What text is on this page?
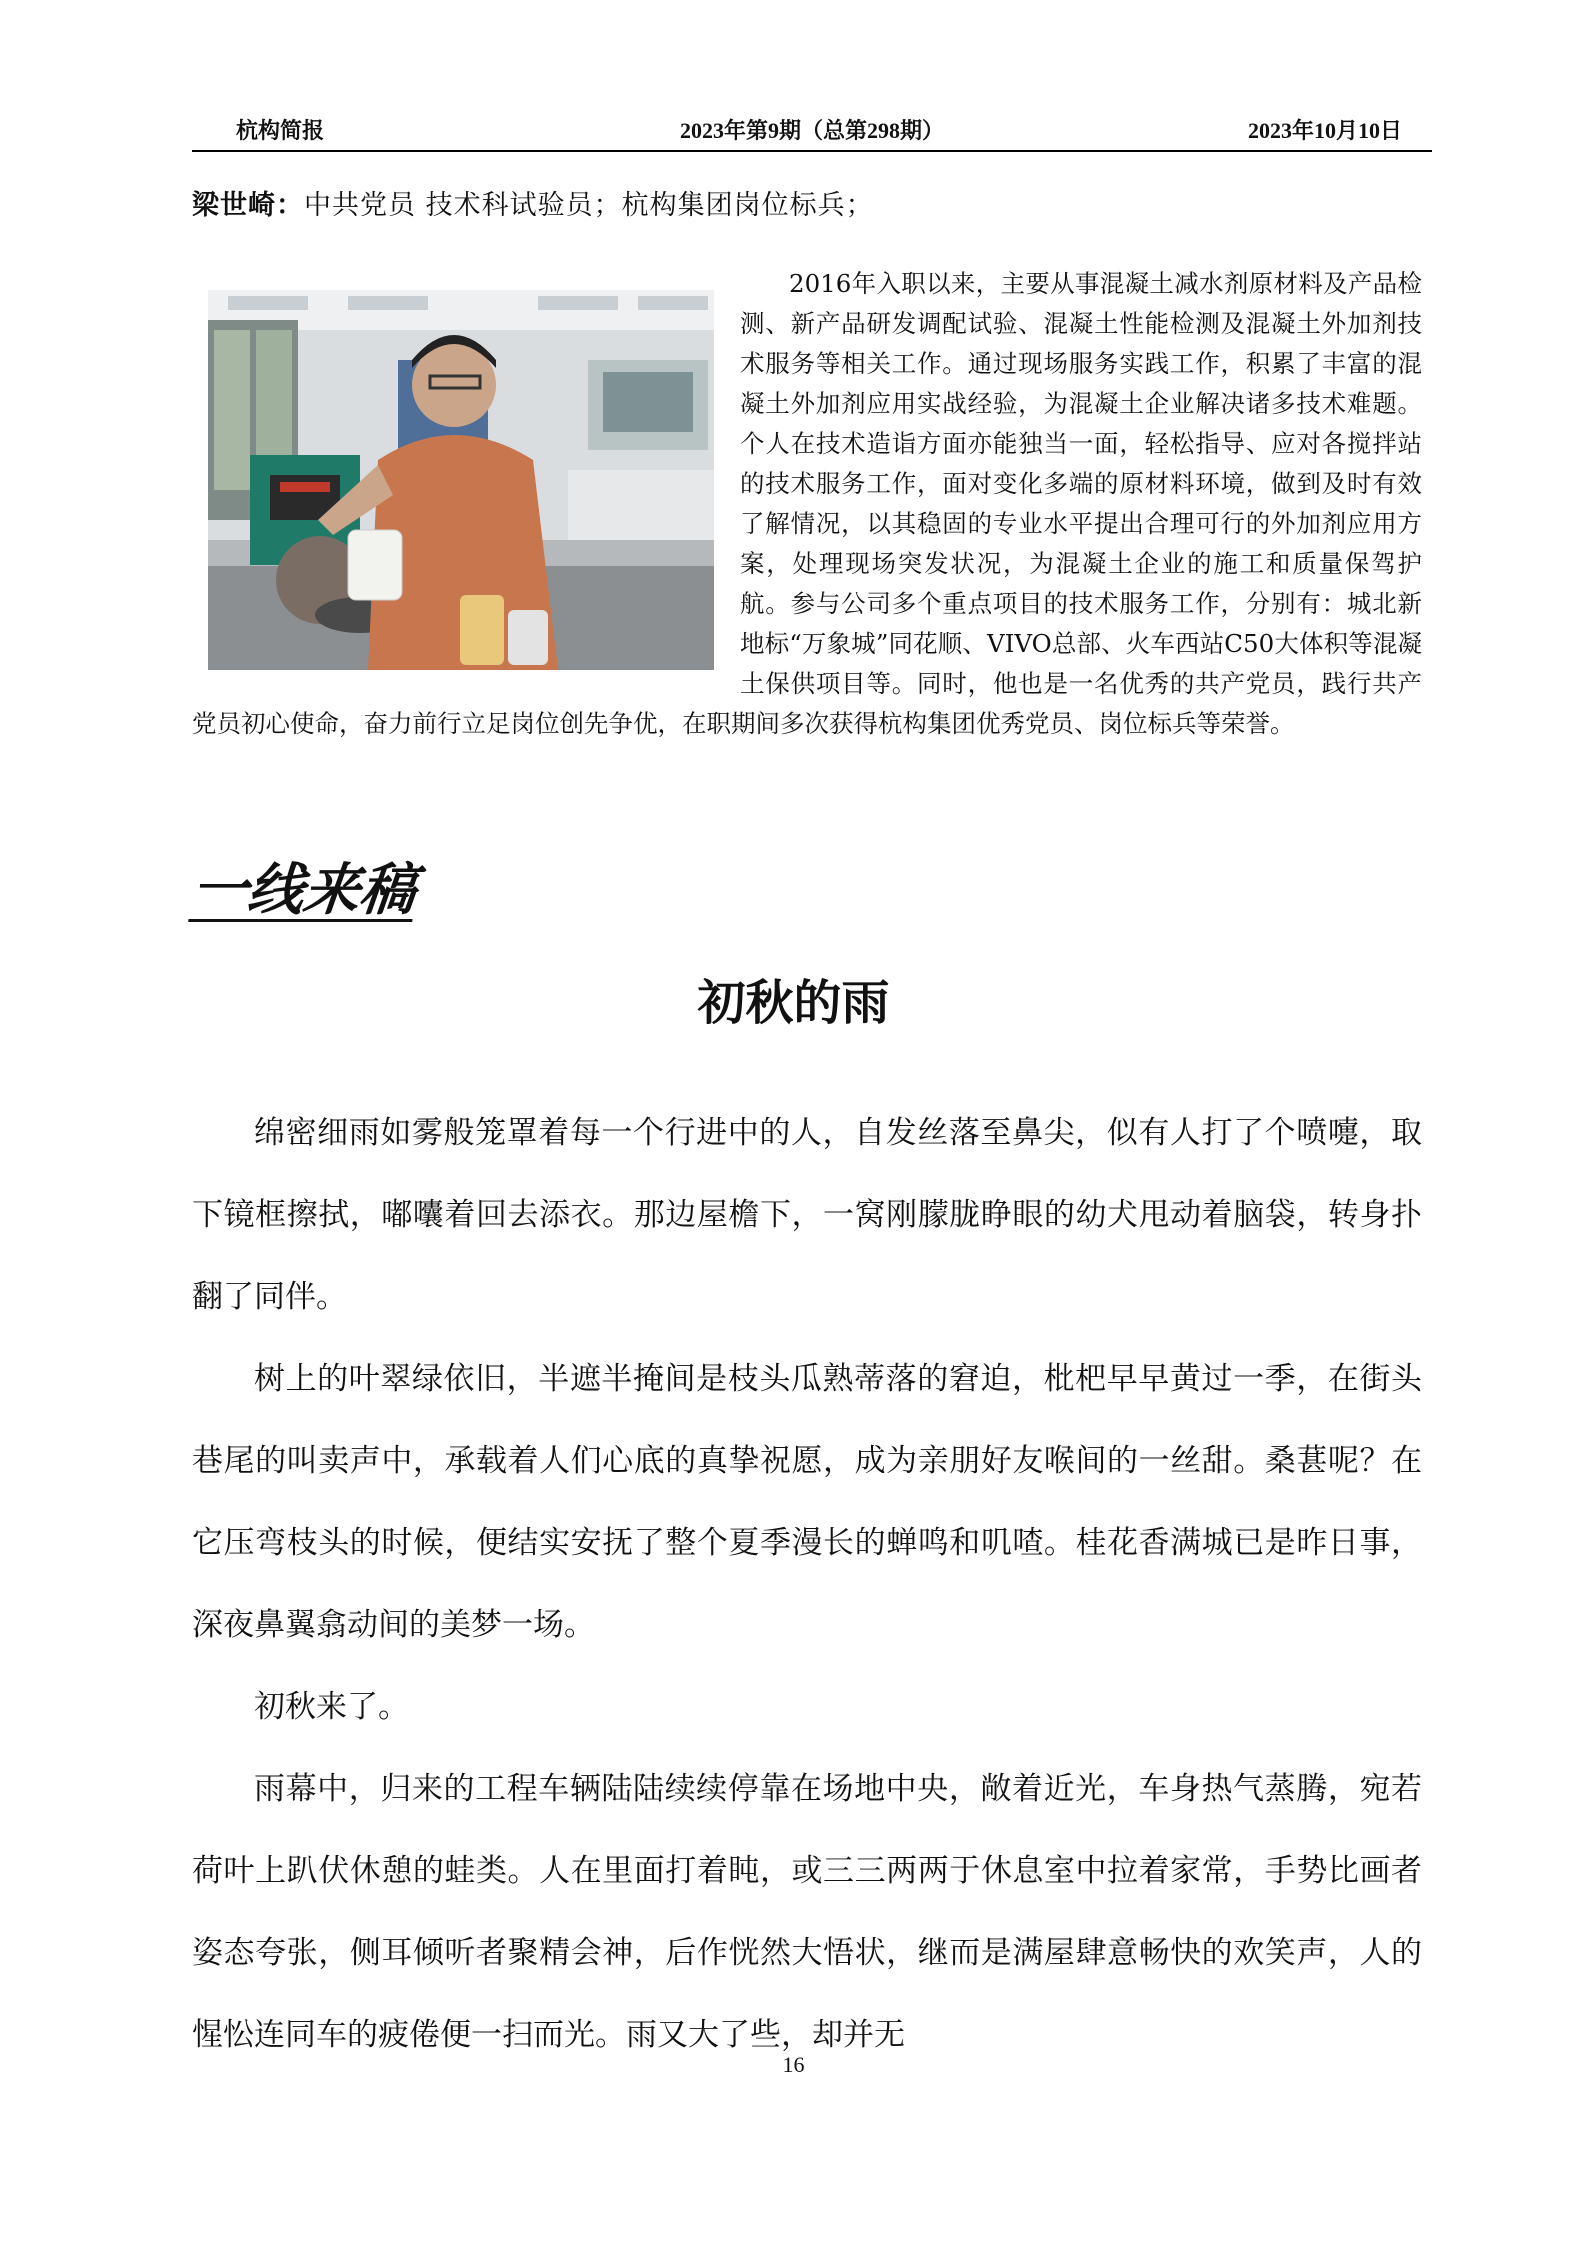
杭构简报	2023年第9期（总第298期）	2023年10月10日
梁世崎：中共党员 技术科试验员；杭构集团岗位标兵；

2016年入职以来，主要从事混凝土减水剂原材料及产品检测、新产品研发调配试验、混凝土性能检测及混凝土外加剂技术服务等相关工作。通过现场服务实践工作，积累了丰富的混凝土外加剂应用实战经验，为混凝土企业解决诸多技术难题。个人在技术造诣方面亦能独当一面，轻松指导、应对各搅拌站的技术服务工作，面对变化多端的原材料环境，做到及时有效了解情况，以其稳固的专业水平提出合理可行的外加剂应用方案，处理现场突发状况，为混凝土企业的施工和质量保驾护航。参与公司多个重点项目的技术服务工作，分别有：城北新地标“万象城”同花顺、VIVO总部、火车西站C50大体积等混凝土保供项目等。同时，他也是一名优秀的共产党员，践行共产党员初心使命，奋力前行立足岗位创先争优，在职期间多次获得杭构集团优秀党员、岗位标兵等荣誉。

一线来稿
初秋的雨

绵密细雨如雾般笼罩着每一个行进中的人，自发丝落至鼻尖，似有人打了个喷嚏，取下镜框擦拭，嘟囔着回去添衣。那边屋檐下，一窝刚朦胧睁眼的幼犬甩动着脑袋，转身扑翻了同伴。

树上的叶翠绿依旧，半遮半掩间是枝头瓜熟蒂落的窘迫，枇杷早早黄过一季，在街头巷尾的叫卖声中，承载着人们心底的真挚祝愿，成为亲朋好友喉间的一丝甜。桑葚呢？在它压弯枝头的时候，便结实安抚了整个夏季漫长的蝉鸣和叽喳。桂花香满城已是昨日事，深夜鼻翼翕动间的美梦一场。

初秋来了。

雨幕中，归来的工程车辆陆陆续续停靠在场地中央，敞着近光，车身热气蒸腾，宛若荷叶上趴伏休憩的蛙类。人在里面打着盹，或三三两两于休息室中拉着家常，手势比画者姿态夸张，侧耳倾听者聚精会神，后作恍然大悟状，继而是满屋肆意畅快的欢笑声，人的惺忪连同车的疲倦便一扫而光。雨又大了些，却并无

16
